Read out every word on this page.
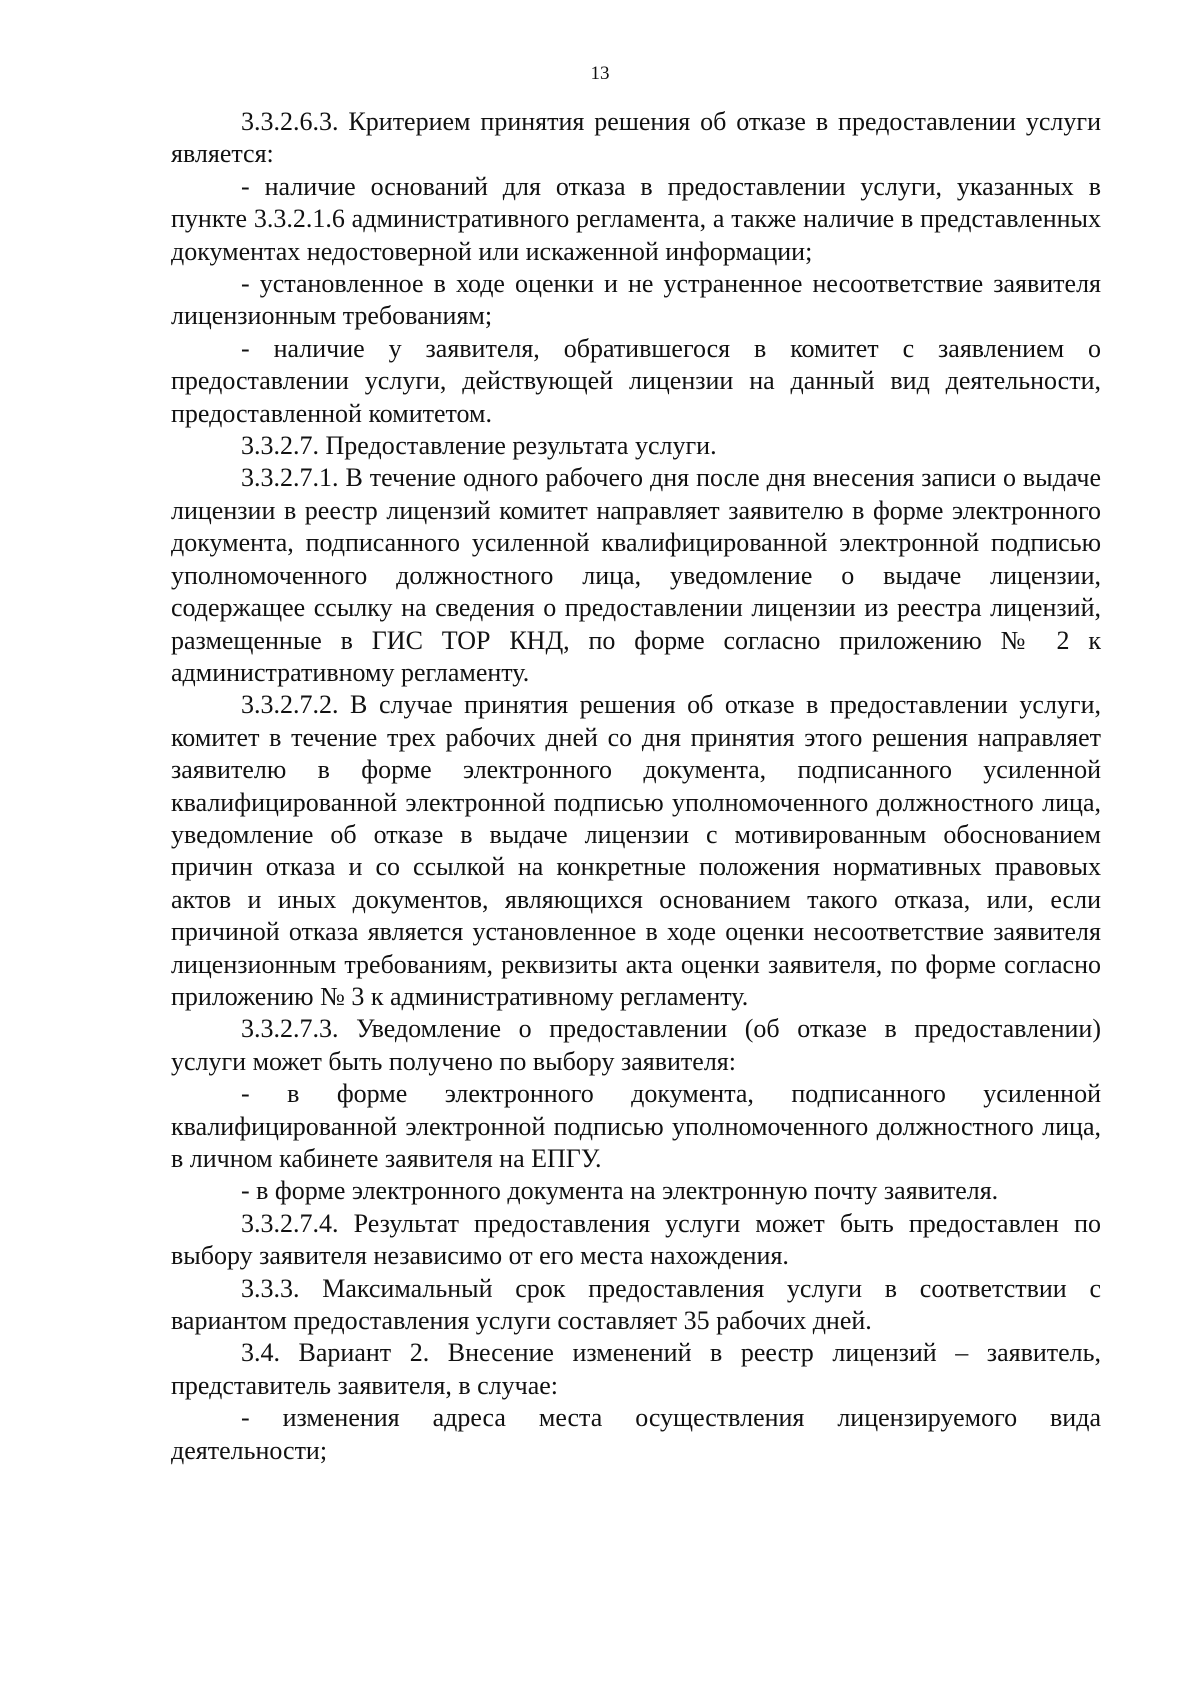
13

3.3.2.6.3. Критерием принятия решения об отказе в предоставлении услуги является:

- наличие оснований для отказа в предоставлении услуги, указанных в пункте 3.3.2.1.6 административного регламента, а также наличие в представленных документах недостоверной или искаженной информации;

- установленное в ходе оценки и не устраненное несоответствие заявителя лицензионным требованиям;

- наличие у заявителя, обратившегося в комитет с заявлением о предоставлении услуги, действующей лицензии на данный вид деятельности, предоставленной комитетом.

3.3.2.7. Предоставление результата услуги.

3.3.2.7.1. В течение одного рабочего дня после дня внесения записи о выдаче лицензии в реестр лицензий комитет направляет заявителю в форме электронного документа, подписанного усиленной квалифицированной электронной подписью уполномоченного должностного лица, уведомление о выдаче лицензии, содержащее ссылку на сведения о предоставлении лицензии из реестра лицензий, размещенные в ГИС ТОР КНД, по форме согласно приложению № 2 к административному регламенту.

3.3.2.7.2. В случае принятия решения об отказе в предоставлении услуги, комитет в течение трех рабочих дней со дня принятия этого решения направляет заявителю в форме электронного документа, подписанного усиленной квалифицированной электронной подписью уполномоченного должностного лица, уведомление об отказе в выдаче лицензии с мотивированным обоснованием причин отказа и со ссылкой на конкретные положения нормативных правовых актов и иных документов, являющихся основанием такого отказа, или, если причиной отказа является установленное в ходе оценки несоответствие заявителя лицензионным требованиям, реквизиты акта оценки заявителя, по форме согласно приложению № 3 к административному регламенту.

3.3.2.7.3. Уведомление о предоставлении (об отказе в предоставлении) услуги может быть получено по выбору заявителя:

- в форме электронного документа, подписанного усиленной квалифицированной электронной подписью уполномоченного должностного лица, в личном кабинете заявителя на ЕПГУ.

- в форме электронного документа на электронную почту заявителя.

3.3.2.7.4. Результат предоставления услуги может быть предоставлен по выбору заявителя независимо от его места нахождения.

3.3.3. Максимальный срок предоставления услуги в соответствии с вариантом предоставления услуги составляет 35 рабочих дней.

3.4. Вариант 2. Внесение изменений в реестр лицензий – заявитель, представитель заявителя, в случае:

- изменения адреса места осуществления лицензируемого вида деятельности;
